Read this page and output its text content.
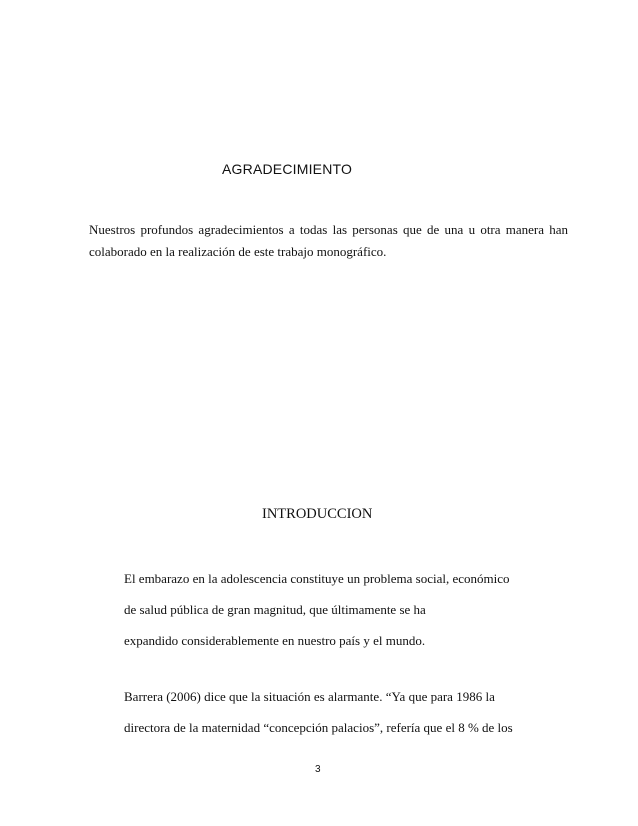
AGRADECIMIENTO
Nuestros profundos agradecimientos a todas las personas que de una u otra manera han
colaborado en la realización de este trabajo monográfico.
INTRODUCCION
El embarazo en la adolescencia constituye un problema social, económico
de salud pública de gran magnitud, que últimamente se ha
expandido considerablemente en nuestro país y el mundo.
Barrera (2006) dice que la situación es alarmante. “Ya que para 1986 la
directora de la maternidad “concepción palacios”, refería que el 8 % de los
3
